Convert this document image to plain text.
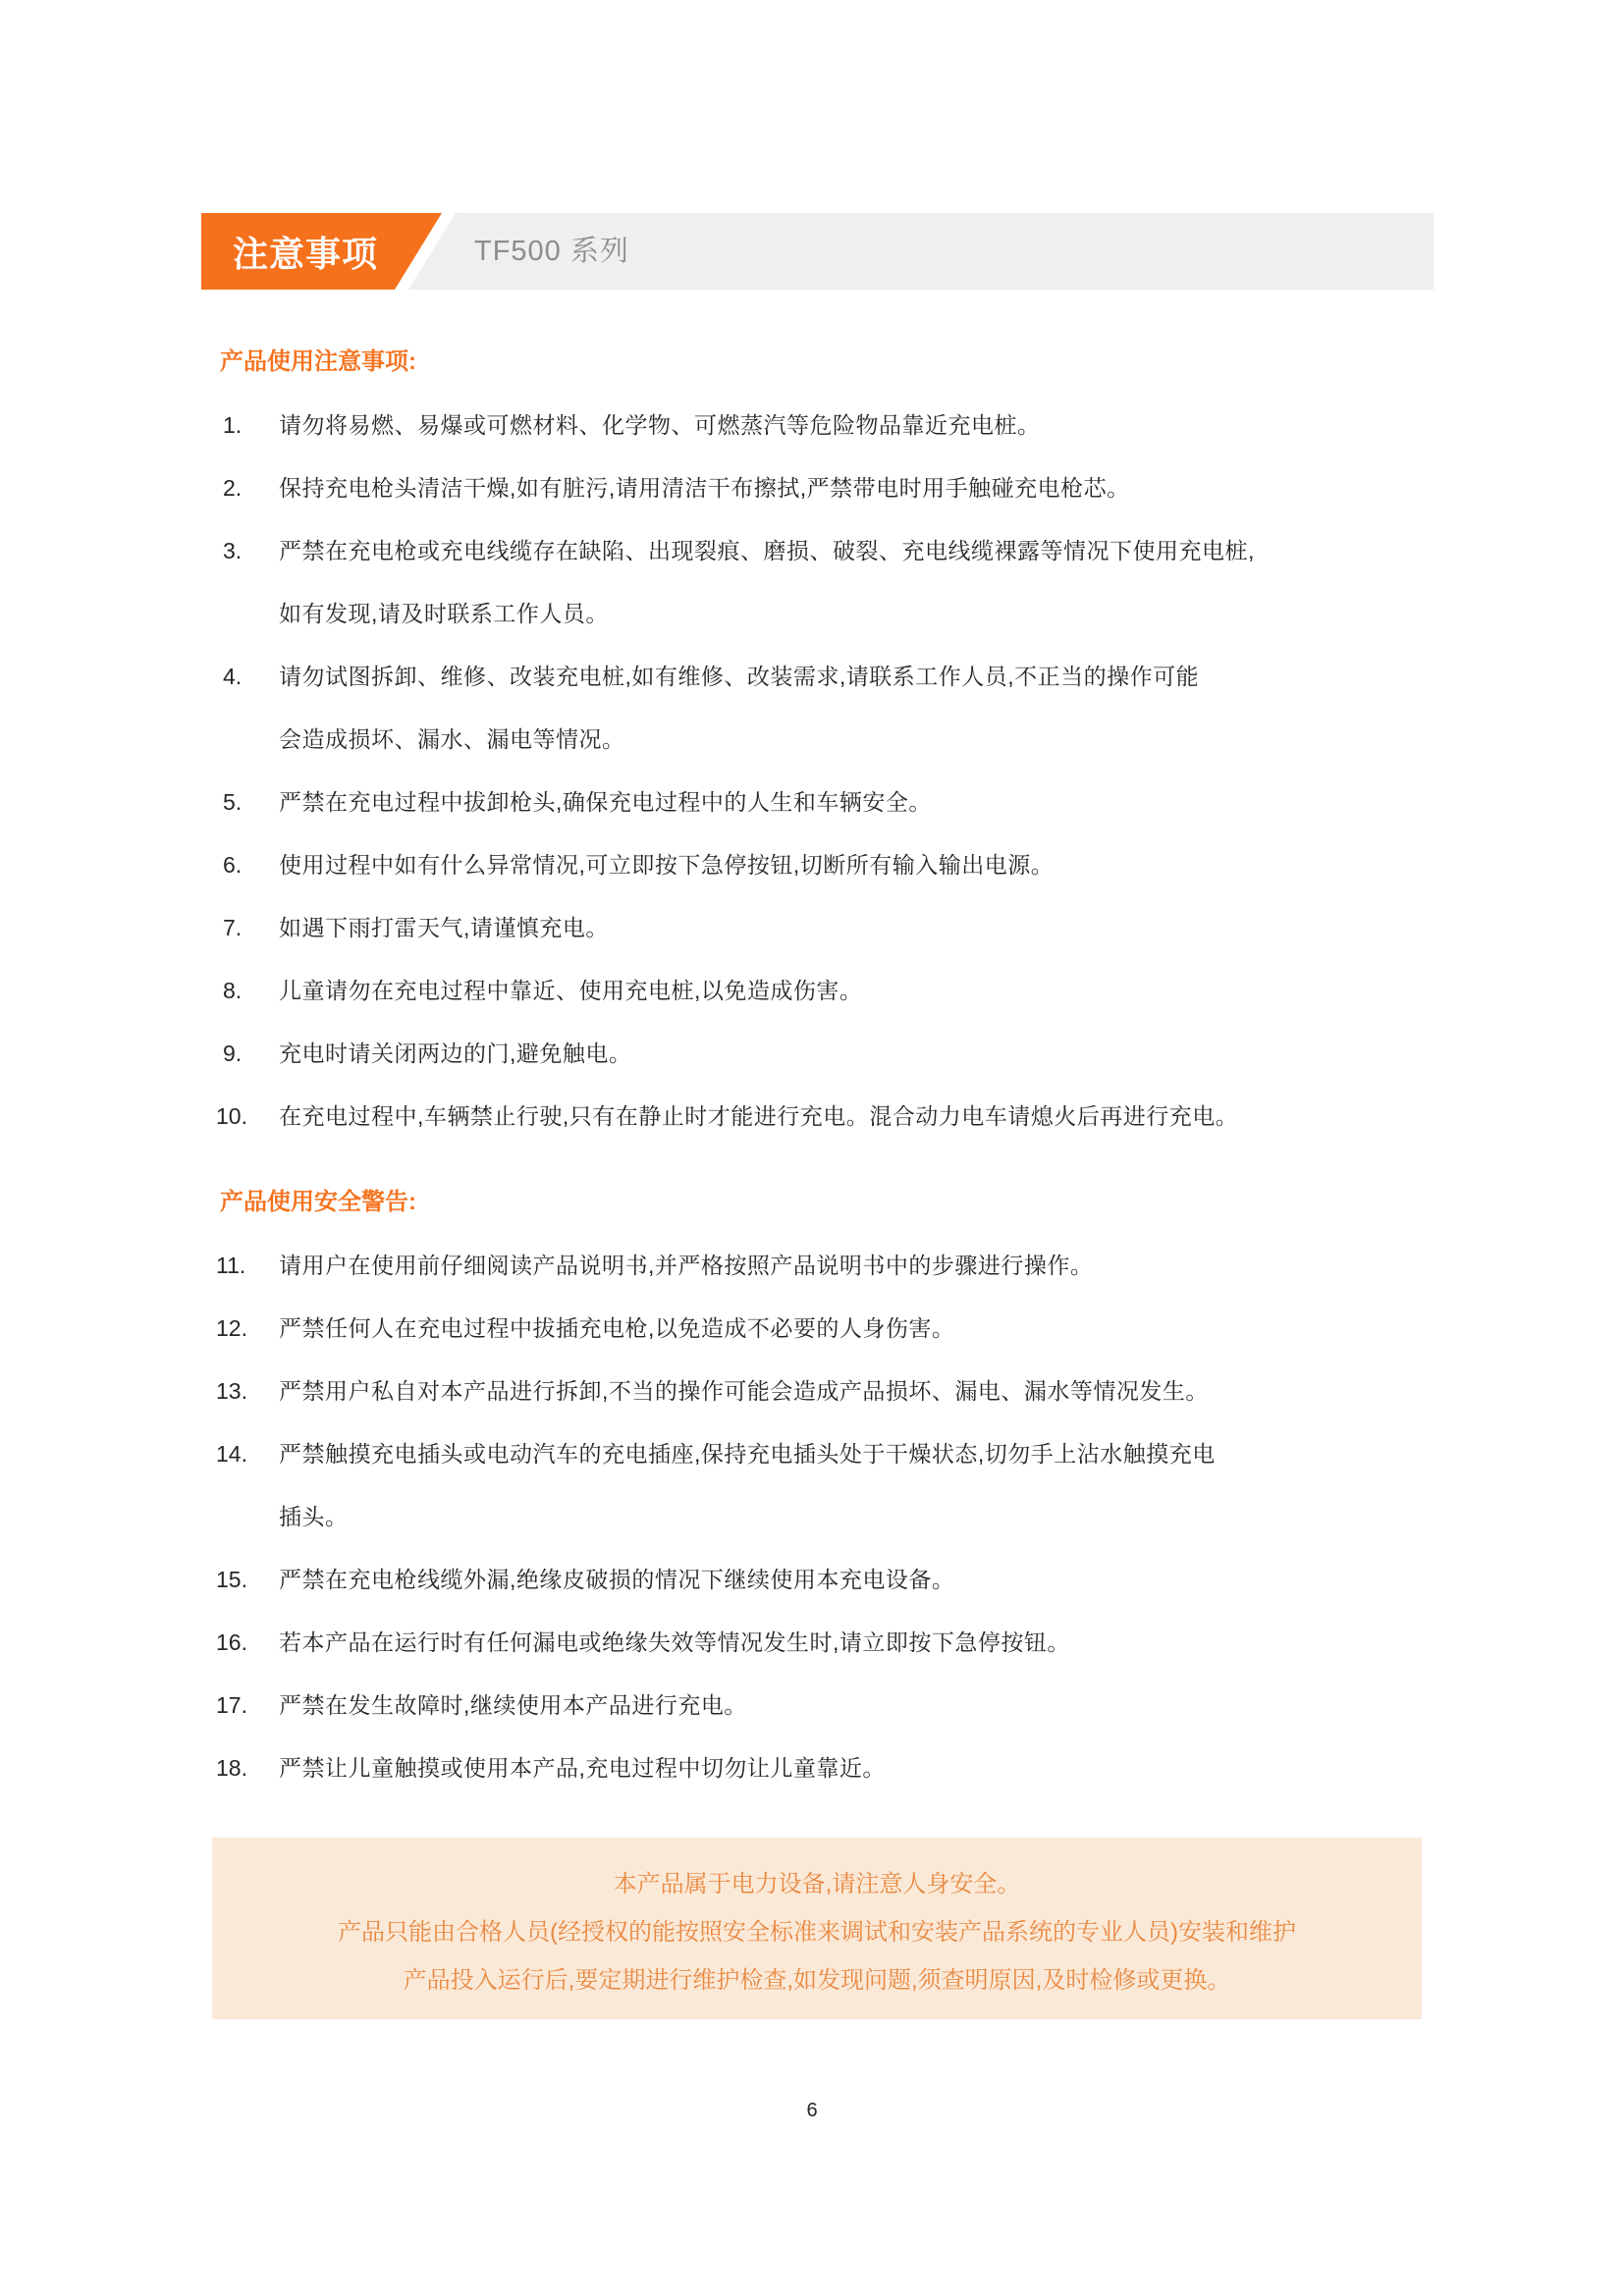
注意事项	TF500 系列
产品使用注意事项:
1.	请勿将易燃、易爆或可燃材料、化学物、可燃蒸汽等危险物品靠近充电桩。
2.	保持充电枪头清洁干燥,如有脏污,请用清洁干布擦拭,严禁带电时用手触碰充电枪芯。
3.	严禁在充电枪或充电线缆存在缺陷、出现裂痕、磨损、破裂、充电线缆裸露等情况下使用充电桩,
如有发现,请及时联系工作人员。
4.	请勿试图拆卸、维修、改装充电桩,如有维修、改装需求,请联系工作人员,不正当的操作可能
会造成损坏、漏水、漏电等情况。
5.	严禁在充电过程中拔卸枪头,确保充电过程中的人生和车辆安全。
6.	使用过程中如有什么异常情况,可立即按下急停按钮,切断所有输入输出电源。
7.	如遇下雨打雷天气,请谨慎充电。
8.	儿童请勿在充电过程中靠近、使用充电桩,以免造成伤害。
9.	充电时请关闭两边的门,避免触电。
10.	在充电过程中,车辆禁止行驶,只有在静止时才能进行充电。混合动力电车请熄火后再进行充电。
产品使用安全警告:
11.	请用户在使用前仔细阅读产品说明书,并严格按照产品说明书中的步骤进行操作。
12.	严禁任何人在充电过程中拔插充电枪,以免造成不必要的人身伤害。
13.	严禁用户私自对本产品进行拆卸,不当的操作可能会造成产品损坏、漏电、漏水等情况发生。
14.	严禁触摸充电插头或电动汽车的充电插座,保持充电插头处于干燥状态,切勿手上沾水触摸充电
插头。
15.	严禁在充电枪线缆外漏,绝缘皮破损的情况下继续使用本充电设备。
16.	若本产品在运行时有任何漏电或绝缘失效等情况发生时,请立即按下急停按钮。
17.	严禁在发生故障时,继续使用本产品进行充电。
18.	严禁让儿童触摸或使用本产品,充电过程中切勿让儿童靠近。
本产品属于电力设备,请注意人身安全。
产品只能由合格人员(经授权的能按照安全标准来调试和安装产品系统的专业人员)安装和维护
产品投入运行后,要定期进行维护检查,如发现问题,须查明原因,及时检修或更换。
6
